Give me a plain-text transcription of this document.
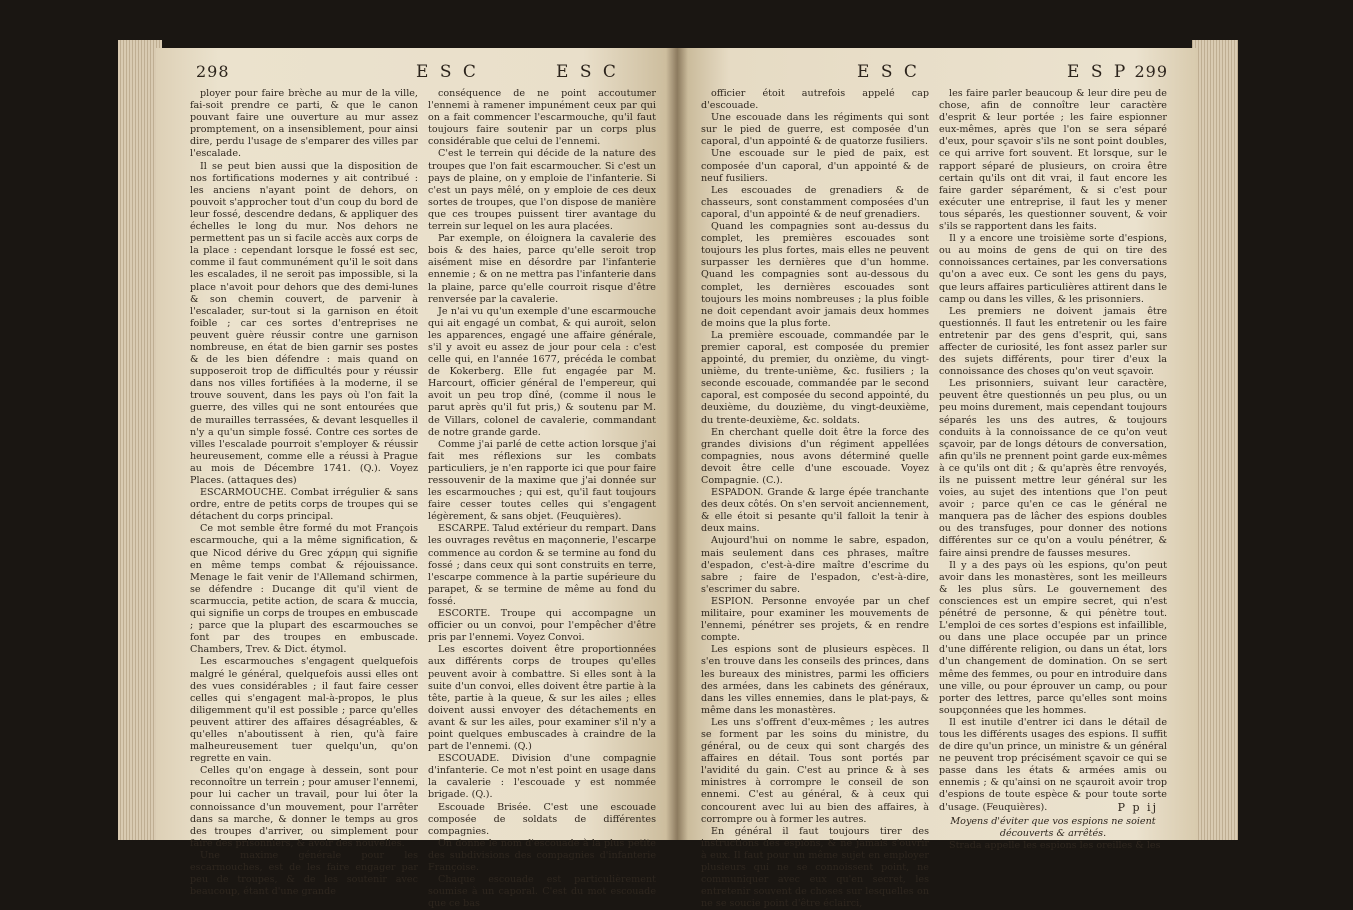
298	E S C	E S C

ployer pour faire brèche au mur de la ville, fai-soit prendre ce parti, & que le canon pouvant faire une ouverture au mur assez promptement, on a insensiblement, pour ainsi dire, perdu l'usage de s'emparer des villes par l'escalade.

Il se peut bien aussi que la disposition de nos fortifications modernes y ait contribué : les anciens n'ayant point de dehors, on pouvoit s'approcher tout d'un coup du bord de leur fossé, descendre dedans, & appliquer des échelles le long du mur. Nos dehors ne permettent pas un si facile accès aux corps de la place : cependant lorsque le fossé est sec, comme il faut communément qu'il le soit dans les escalades, il ne seroit pas impossible, si la place n'avoit pour dehors que des demi-lunes & son chemin couvert, de parvenir à l'escalader, sur-tout si la garnison en étoit foible ; car ces sortes d'entreprises ne peuvent guère réussir contre une garnison nombreuse, en état de bien garnir ses postes & de les bien défendre : mais quand on supposeroit trop de difficultés pour y réussir dans nos villes fortifiées à la moderne, il se trouve souvent, dans les pays où l'on fait la guerre, des villes qui ne sont entourées que de murailles terrassées, & devant lesquelles il n'y a qu'un simple fossé. Contre ces sortes de villes l'escalade pourroit s'employer & réussir heureusement, comme elle a réussi à Prague au mois de Décembre 1741. (Q.). Voyez Places. (attaques des)

ESCARMOUCHE. Combat irrégulier & sans ordre, entre de petits corps de troupes qui se détachent du corps principal.

Ce mot semble être formé du mot François escarmouche, qui a la même signification, & que Nicod dérive du Grec χάρμη qui signifie en même temps combat & réjouissance. Menage le fait venir de l'Allemand schirmen, se défendre : Ducange dit qu'il vient de scarmuccia, petite action, de scara & muccia, qui signifie un corps de troupes en embuscade ; parce que la plupart des escarmouches se font par des troupes en embuscade. Chambers, Trev. & Dict. étymol.

Les escarmouches s'engagent quelquefois malgré le général, quelquefois aussi elles ont des vues considérables ; il faut faire cesser celles qui s'engagent mal-à-propos, le plus diligemment qu'il est possible ; parce qu'elles peuvent attirer des affaires désagréables, & qu'elles n'aboutissent à rien, qu'à faire malheureusement tuer quelqu'un, qu'on regrette en vain.

Celles qu'on engage à dessein, sont pour reconnoître un terrein ; pour amuser l'ennemi, pour lui cacher un travail, pour lui ôter la connoissance d'un mouvement, pour l'arrêter dans sa marche, & donner le temps au gros des troupes d'arriver, ou simplement pour faire des prisonniers, & avoir des nouvelles.

Une maxime générale pour les escarmouches, est de les faire engager par peu de troupes, & de les soutenir avec beaucoup, étant d'une grande

conséquence de ne point accoutumer l'ennemi à ramener impunément ceux par qui on a fait commencer l'escarmouche, qu'il faut toujours faire soutenir par un corps plus considérable que celui de l'ennemi.

C'est le terrein qui décide de la nature des troupes que l'on fait escarmoucher. Si c'est un pays de plaine, on y emploie de l'infanterie. Si c'est un pays mêlé, on y emploie de ces deux sortes de troupes, que l'on dispose de manière que ces troupes puissent tirer avantage du terrein sur lequel on les aura placées.

Par exemple, on éloignera la cavalerie des bois & des haies, parce qu'elle seroit trop aisément mise en désordre par l'infanterie ennemie ; & on ne mettra pas l'infanterie dans la plaine, parce qu'elle courroit risque d'être renversée par la cavalerie.

Je n'ai vu qu'un exemple d'une escarmouche qui ait engagé un combat, & qui auroit, selon les apparences, engagé une affaire générale, s'il y avoit eu assez de jour pour cela : c'est celle qui, en l'année 1677, précéda le combat de Kokerberg. Elle fut engagée par M. Harcourt, officier général de l'empereur, qui avoit un peu trop dîné, (comme il nous le parut après qu'il fut pris,) & soutenu par M. de Villars, colonel de cavalerie, commandant de notre grande garde.

Comme j'ai parlé de cette action lorsque j'ai fait mes réflexions sur les combats particuliers, je n'en rapporte ici que pour faire ressouvenir de la maxime que j'ai donnée sur les escarmouches ; qui est, qu'il faut toujours faire cesser toutes celles qui s'engagent légèrement, & sans objet. (Feuquières).

ESCARPE. Talud extérieur du rempart. Dans les ouvrages revêtus en maçonnerie, l'escarpe commence au cordon & se termine au fond du fossé ; dans ceux qui sont construits en terre, l'escarpe commence à la partie supérieure du parapet, & se termine de même au fond du fossé.

ESCORTE. Troupe qui accompagne un officier ou un convoi, pour l'empêcher d'être pris par l'ennemi. Voyez Convoi.

Les escortes doivent être proportionnées aux différents corps de troupes qu'elles peuvent avoir à combattre. Si elles sont à la suite d'un convoi, elles doivent être partie à la tête, partie à la queue, & sur les ailes ; elles doivent aussi envoyer des détachements en avant & sur les ailes, pour examiner s'il n'y a point quelques embuscades à craindre de la part de l'ennemi. (Q.)

ESCOUADE. Division d'une compagnie d'infanterie. Ce mot n'est point en usage dans la cavalerie : l'escouade y est nommée brigade. (Q.).

Escouade Brisée. C'est une escouade composée de soldats de différentes compagnies.

On donne le nom d'escouade à la plus petite des subdivisions des compagnies d'infanterie Françoise.

Chaque escouade est particulièrement soumise à un caporal. C'est du mot escouade que ce bas

E S C	E S P 299

officier étoit autrefois appelé cap d'escouade.

Une escouade dans les régiments qui sont sur le pied de guerre, est composée d'un caporal, d'un appointé & de quatorze fusiliers.

Une escouade sur le pied de paix, est composée d'un caporal, d'un appointé & de neuf fusiliers.

Les escouades de grenadiers & de chasseurs, sont constamment composées d'un caporal, d'un appointé & de neuf grenadiers.

Quand les compagnies sont au-dessus du complet, les premières escouades sont toujours les plus fortes, mais elles ne peuvent surpasser les dernières que d'un homme. Quand les compagnies sont au-dessous du complet, les dernières escouades sont toujours les moins nombreuses ; la plus foible ne doit cependant avoir jamais deux hommes de moins que la plus forte.

La première escouade, commandée par le premier caporal, est composée du premier appointé, du premier, du onzième, du vingt-unième, du trente-unième, &c. fusiliers ; la seconde escouade, commandée par le second caporal, est composée du second appointé, du deuxième, du douzième, du vingt-deuxième, du trente-deuxième, &c. soldats.

En cherchant quelle doit être la force des grandes divisions d'un régiment appellées compagnies, nous avons déterminé quelle devoit être celle d'une escouade. Voyez Compagnie. (C.).

ESPADON. Grande & large épée tranchante des deux côtés. On s'en servoit anciennement, & elle étoit si pesante qu'il falloit la tenir à deux mains.

Aujourd'hui on nomme le sabre, espadon, mais seulement dans ces phrases, maître d'espadon, c'est-à-dire maître d'escrime du sabre ; faire de l'espadon, c'est-à-dire, s'escrimer du sabre.

ESPION. Personne envoyée par un chef militaire, pour examiner les mouvements de l'ennemi, pénétrer ses projets, & en rendre compte.

Les espions sont de plusieurs espèces. Il s'en trouve dans les conseils des princes, dans les bureaux des ministres, parmi les officiers des armées, dans les cabinets des généraux, dans les villes ennemies, dans le plat-pays, & même dans les monastères.

Les uns s'offrent d'eux-mêmes ; les autres se forment par les soins du ministre, du général, ou de ceux qui sont chargés des affaires en détail. Tous sont portés par l'avidité du gain. C'est au prince & à ses ministres à corrompre le conseil de son ennemi. C'est au général, & à ceux qui concourent avec lui au bien des affaires, à corrompre ou à former les autres.

En général il faut toujours tirer des instructions des espions, & ne jamais s'ouvrir à eux. Il faut pour un même sujet en employer plusieurs qui ne se connoissent point, ne communiquer avec eux qu'en secret, les entretenir souvent de choses sur lesquelles on ne se soucie point d'être éclairci,

les faire parler beaucoup & leur dire peu de chose, afin de connoître leur caractère d'esprit & leur portée ; les faire espionner eux-mêmes, après que l'on se sera séparé d'eux, pour sçavoir s'ils ne sont point doubles, ce qui arrive fort souvent. Et lorsque, sur le rapport séparé de plusieurs, on croira être certain qu'ils ont dit vrai, il faut encore les faire garder séparément, & si c'est pour exécuter une entreprise, il faut les y mener tous séparés, les questionner souvent, & voir s'ils se rapportent dans les faits.

Il y a encore une troisième sorte d'espions, ou au moins de gens de qui on tire des connoissances certaines, par les conversations qu'on a avec eux. Ce sont les gens du pays, que leurs affaires particulières attirent dans le camp ou dans les villes, & les prisonniers.

Les premiers ne doivent jamais être questionnés. Il faut les entretenir ou les faire entretenir par des gens d'esprit, qui, sans affecter de curiosité, les font assez parler sur des sujets différents, pour tirer d'eux la connoissance des choses qu'on veut sçavoir.

Les prisonniers, suivant leur caractère, peuvent être questionnés un peu plus, ou un peu moins durement, mais cependant toujours séparés les uns des autres, & toujours conduits à la connoissance de ce qu'on veut sçavoir, par de longs détours de conversation, afin qu'ils ne prennent point garde eux-mêmes à ce qu'ils ont dit ; & qu'après être renvoyés, ils ne puissent mettre leur général sur les voies, au sujet des intentions que l'on peut avoir ; parce qu'en ce cas le général ne manquera pas de lâcher des espions doubles ou des transfuges, pour donner des notions différentes sur ce qu'on a voulu pénétrer, & faire ainsi prendre de fausses mesures.

Il y a des pays où les espions, qu'on peut avoir dans les monastères, sont les meilleurs & les plus sûrs. Le gouvernement des consciences est un empire secret, qui n'est pénétré de personne, & qui pénètre tout. L'emploi de ces sortes d'espions est infaillible, ou dans une place occupée par un prince d'une différente religion, ou dans un état, lors d'un changement de domination. On se sert même des femmes, ou pour en introduire dans une ville, ou pour éprouver un camp, ou pour porter des lettres, parce qu'elles sont moins soupçonnées que les hommes.

Il est inutile d'entrer ici dans le détail de tous les différents usages des espions. Il suffit de dire qu'un prince, un ministre & un général ne peuvent trop précisément sçavoir ce qui se passe dans les états & armées amis ou ennemis ; & qu'ainsi on ne sçauroit avoir trop d'espions de toute espèce & pour toute sorte d'usage. (Feuquières).

Moyens d'éviter que vos espions ne soient découverts & arrêtés.

Strada appelle les espions les oreilles & les

P p ij
